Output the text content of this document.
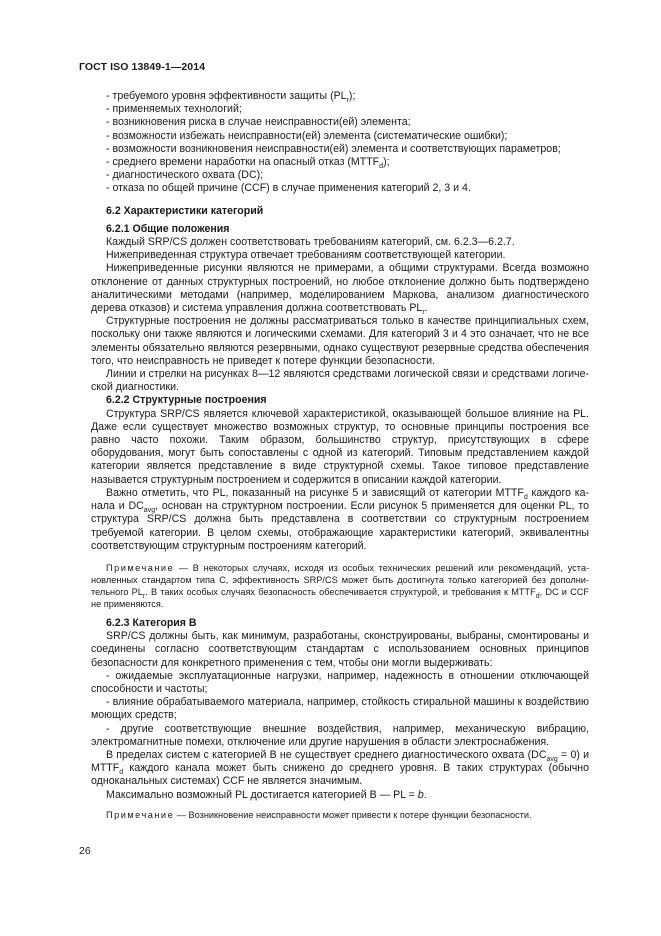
ГОСТ ISO 13849-1—2014

- требуемого уровня эффективности защиты $(PL_r)$;

- применяемых технологий;

- возникновения риска в случае неисправности(ей) элемента;

- возможности избежать неисправности(ей) элемента (систематические ошибки);

- возможности возникновения неисправности(ей) элемента и соответствующих параметров;

- среднего времени наработки на опасный отказ $(MTTF_d)$;

- диагностического охвата (DC);

- отказа по общей причине (CCF) в случае применения категорий 2, 3 и 4.

6.2 Характеристики категорий

6.2.1 Общие положения

Каждый SRP/CS должен соответствовать требованиям категорий, см. 6.2.3—6.2.7.

Нижеприведенная структура отвечает требованиям соответствующей категории.

Нижеприведенные рисунки являются не примерами, а общими структурами. Всегда возможно отклонение от данных структурных построений, но любое отклонение должно быть подтверждено аналитическими методами (например, моделированием Маркова, анализом диагностического дерева отказов) и система управления должна соответствовать $PL_r$.

Структурные построения не должны рассматриваться только в качестве принципиальных схем, поскольку они также являются и логическими схемами. Для категорий 3 и 4 это означает, что не все элементы обязательно являются резервными, однако существуют резервные средства обеспечения того, что неисправность не приведет к потере функции безопасности.

Линии и стрелки на рисунках 8—12 являются средствами логической связи и средствами логической диагностики.

6.2.2 Структурные построения

Структура SRP/CS является ключевой характеристикой, оказывающей большое влияние на PL. Даже если существует множество возможных структур, то основные принципы построения все равно часто похожи. Таким образом, большинство структур, присутствующих в сфере оборудования, могут быть сопоставлены с одной из категорий. Типовым представлением каждой категории является представление в виде структурной схемы. Такое типовое представление называется структурным построением и содержится в описании каждой категории.

Важно отметить, что PL, показанный на рисунке 5 и зависящий от категории $MTTF_d$ каждого канала и $DC_{avg}$, основан на структурном построении. Если рисунок 5 применяется для оценки PL, то структура SRP/CS должна быть представлена в соответствии со структурным построением требуемой категории. В целом схемы, отображающие характеристики категорий, эквивалентны соответствующим структурным построениям категорий.

Примечание — В некоторых случаях, исходя из особых технических решений или рекомендаций, установленных стандартом типа С, эффективность SRP/CS может быть достигнута только категорией без дополнительного $PL_r$. В таких особых случаях безопасность обеспечивается структурой, и требования к $MTTF_d$, DC и CCF не применяются.

6.2.3 Категория В

SRP/CS должны быть, как минимум, разработаны, сконструированы, выбраны, смонтированы и соединены согласно соответствующим стандартам с использованием основных принципов безопасности для конкретного применения с тем, чтобы они могли выдерживать:

- ожидаемые эксплуатационные нагрузки, например, надежность в отношении отключающей способности и частоты;

- влияние обрабатываемого материала, например, стойкость стиральной машины к воздействию моющих средств;

- другие соответствующие внешние воздействия, например, механическую вибрацию, электромагнитные помехи, отключение или другие нарушения в области электроснабжения.

В пределах систем с категорией В не существует среднего диагностического охвата $(DC_{avg} = 0)$ и $MTTF_d$ каждого канала может быть снижено до среднего уровня. В таких структурах (обычно одноканальных системах) CCF не является значимым.

Максимально возможный PL достигается категорией В — PL = b.

Примечание — Возникновение неисправности может привести к потере функции безопасности.

26
